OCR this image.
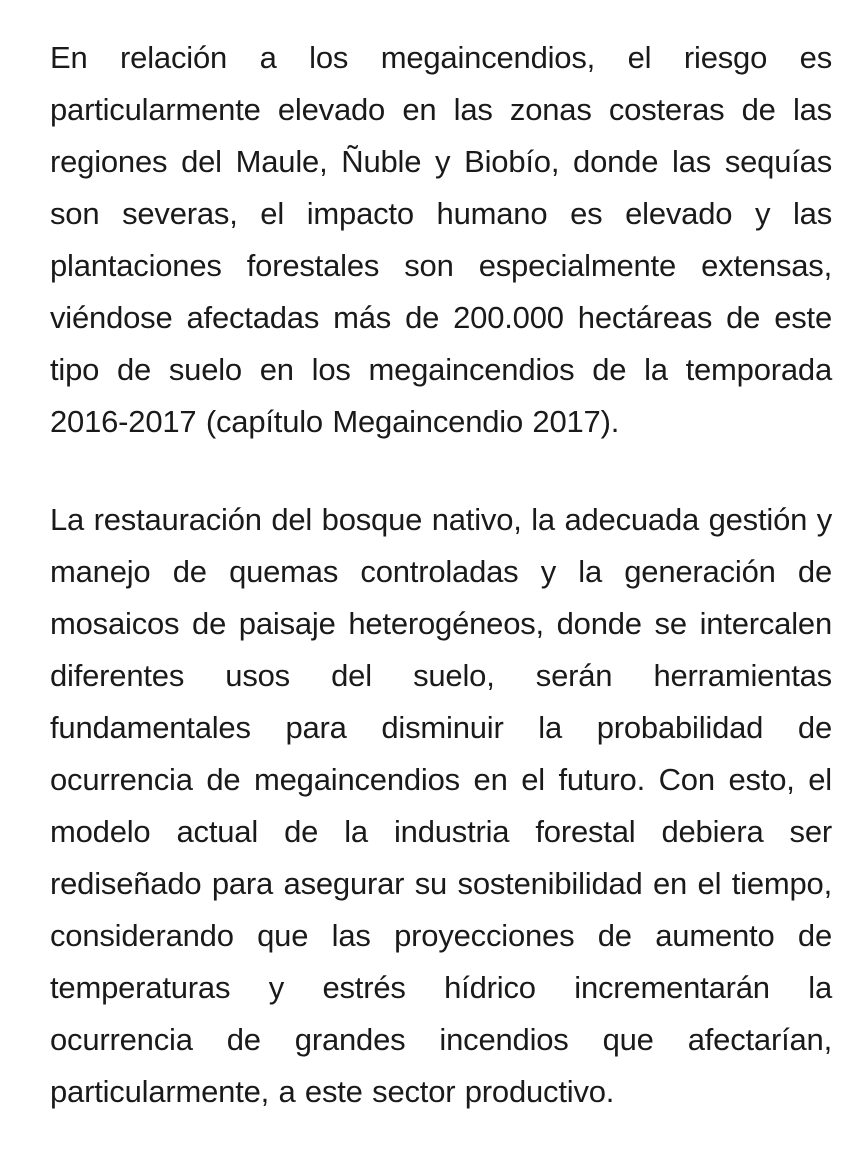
En relación a los megaincendios, el riesgo es particularmente elevado en las zonas costeras de las regiones del Maule, Ñuble y Biobío, donde las sequías son severas, el impacto humano es elevado y las plantaciones forestales son especialmente extensas, viéndose afectadas más de 200.000 hectáreas de este tipo de suelo en los megaincendios de la temporada 2016-2017 (capítulo Megaincendio 2017).

La restauración del bosque nativo, la adecuada gestión y manejo de quemas controladas y la generación de mosaicos de paisaje heterogéneos, donde se intercalen diferentes usos del suelo, serán herramientas fundamentales para disminuir la probabilidad de ocurrencia de megaincendios en el futuro. Con esto, el modelo actual de la industria forestal debiera ser rediseñado para asegurar su sostenibilidad en el tiempo, considerando que las proyecciones de aumento de temperaturas y estrés hídrico incrementarán la ocurrencia de grandes incendios que afectarían, particularmente, a este sector productivo.
